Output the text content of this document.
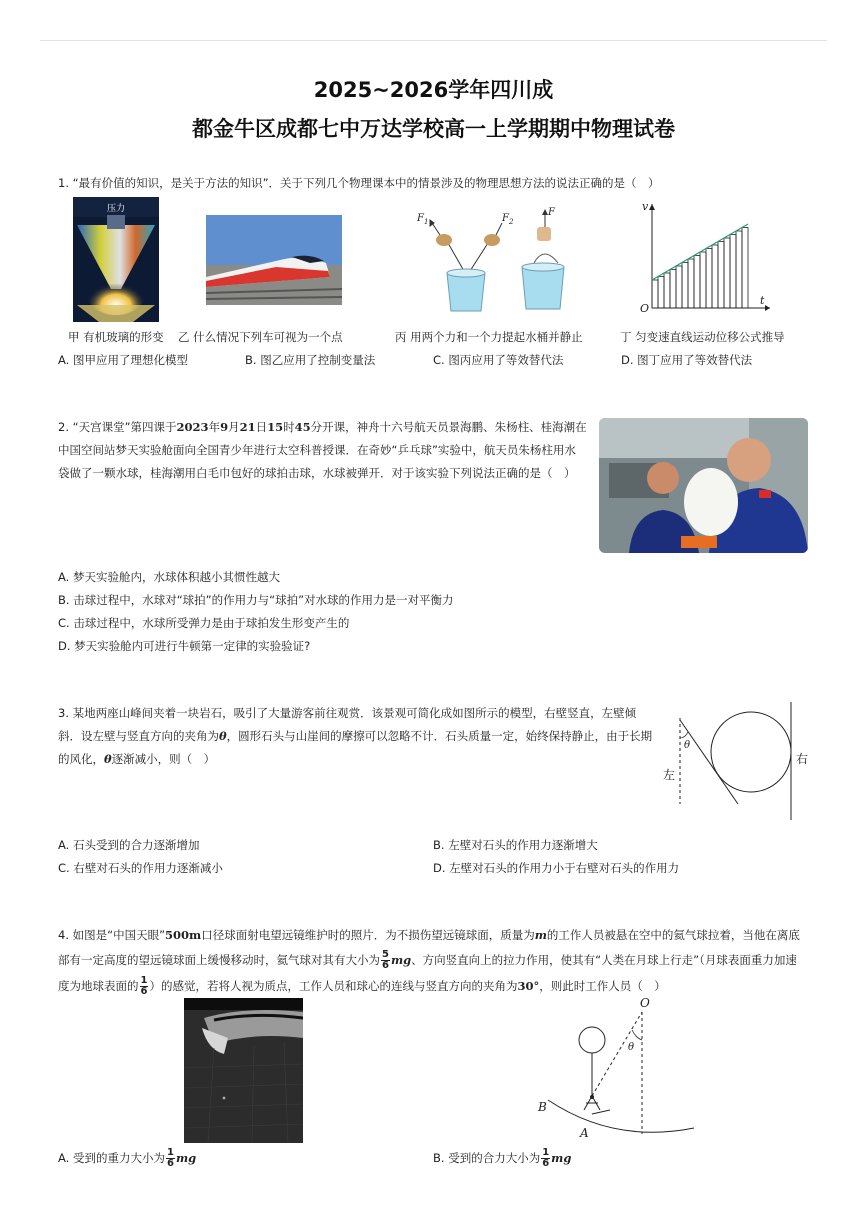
2025~2026学年四川成
都金牛区成都七中万达学校高一上学期期中物理试卷
1. “最有价值的知识，是关于方法的知识”．关于下列几个物理课本中的情景涉及的物理思想方法的说法正确的是（　）
压力
$F_1$	$F_2$
F	v
t
O
甲 有机玻璃的形变 乙 什么情况下列车可视为一个点	丙 用两个力和一个力提起水桶并静止	丁 匀变速直线运动位移公式推导
A. 图甲应用了理想化模型	B. 图乙应用了控制变量法	C. 图丙应用了等效替代法	D. 图丁应用了等效替代法
2. “天宫课堂”第四课于2023年9月21日15时45分开课，神舟十六号航天员景海鹏、朱杨柱、桂海潮在
中国空间站梦天实验舱面向全国青少年进行太空科普授课．在奇妙“乒乓球”实验中，航天员朱杨柱用水
袋做了一颗水球，桂海潮用白毛巾包好的球拍击球，水球被弹开．对于该实验下列说法正确的是（　）
A. 梦天实验舱内，水球体积越小其惯性越大
B. 击球过程中，水球对“球拍”的作用力与“球拍”对水球的作用力是一对平衡力
C. 击球过程中，水球所受弹力是由于球拍发生形变产生的
D. 梦天实验舱内可进行牛顿第一定律的实验验证?
3. 某地两座山峰间夹着一块岩石，吸引了大量游客前往观赏．该景观可简化成如图所示的模型，右壁竖直，左壁倾
斜．设左壁与竖直方向的夹角为θ，圆形石头与山崖间的摩擦可以忽略不计．石头质量一定，始终保持静止，由于长期
的风化，θ逐渐减小，则（　）
θ
左
右
A. 石头受到的合力逐渐增加	B. 左壁对石头的作用力逐渐增大
C. 右壁对石头的作用力逐渐减小	D. 左壁对石头的作用力小于右壁对石头的作用力
4. 如图是“中国天眼”500m口径球面射电望远镜维护时的照片．为不损伤望远镜球面，质量为m的工作人员被悬在空中的氦气球拉着，当他在离底
部有一定高度的望远镜球面上缓慢移动时，氦气球对其有大小为 $\frac{5}{6}$ mg、方向竖直向上的拉力作用，使其有“人类在月球上行走”（月球表面重力加速
度为地球表面的 $\frac{1}{6}$ ）的感觉，若将人视为质点，工作人员和球心的连线与竖直方向的夹角为30°，则此时工作人员（　）
O
θ
B
A
A. 受到的重力大小为 $\frac{1}{6}$ mg	B. 受到的合力大小为 $\frac{1}{6}$ mg
